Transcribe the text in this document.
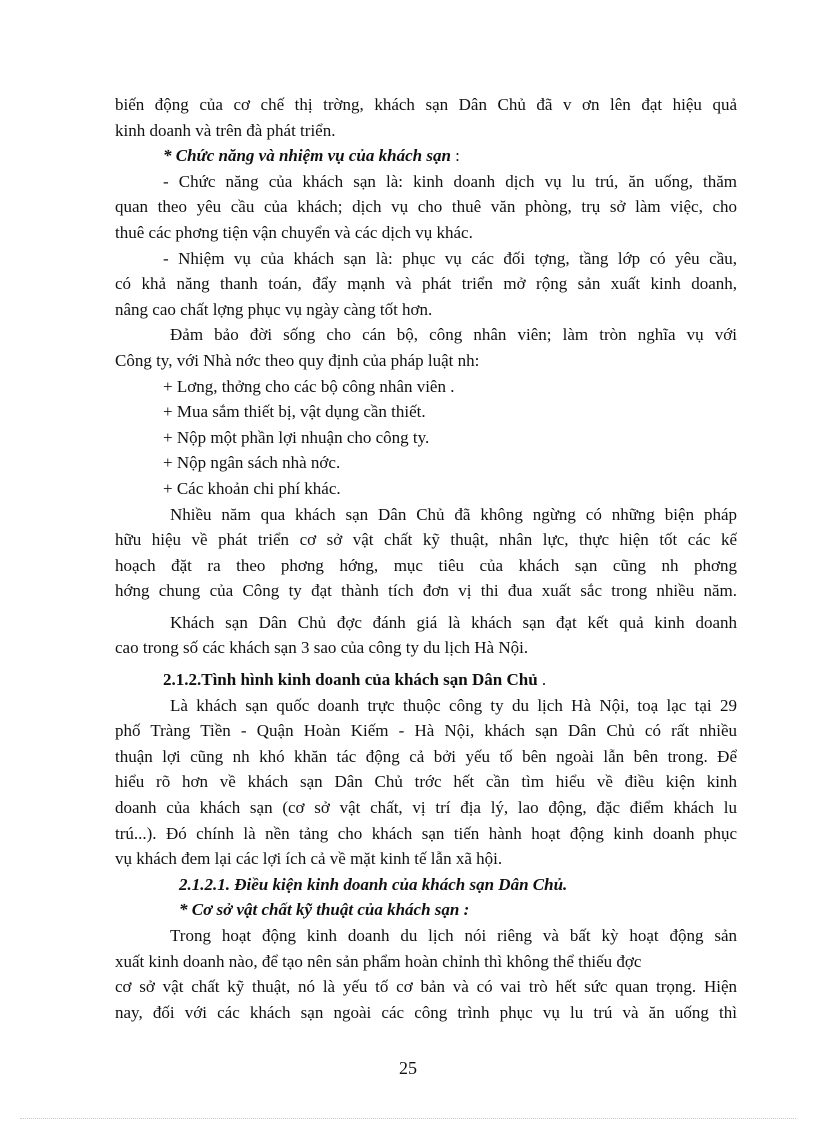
biến động của cơ chế thị trờng, khách sạn Dân Chủ đã v ơn lên đạt hiệu quả
kinh doanh và trên đà phát triển.
* Chức năng và nhiệm vụ của khách sạn :
- Chức năng của khách sạn là: kinh doanh dịch vụ lu trú, ăn uống, thăm
quan theo yêu cầu của khách; dịch vụ cho thuê văn phòng, trụ sở làm việc, cho
thuê các phơng tiện vận chuyển và các dịch vụ khác.
- Nhiệm vụ của khách sạn là: phục vụ các đối tợng, tầng lớp có yêu cầu,
có khả năng thanh toán, đẩy mạnh và phát triển mở rộng sản xuất kinh doanh,
nâng cao chất lợng phục vụ ngày càng tốt hơn.
Đảm bảo đời sống cho cán bộ, công nhân viên; làm tròn nghĩa vụ với
Công ty, với Nhà nớc theo quy định của pháp luật nh:
+ Lơng, thởng cho các bộ công nhân viên .
+ Mua sắm thiết bị, vật dụng cần thiết.
+ Nộp một phần lợi nhuận cho công ty.
+ Nộp ngân sách nhà nớc.
+ Các khoản chi phí khác.
Nhiều năm qua khách sạn Dân Chủ đã không ngừng có những biện pháp
hữu hiệu về phát triển cơ sở vật chất kỹ thuật, nhân lực, thực hiện tốt các kế
hoạch đặt ra theo phơng hớng, mục tiêu của khách sạn cũng nh phơng
hớng chung của Công ty đạt thành tích đơn vị thi đua xuất sắc trong nhiều năm.
Khách sạn Dân Chủ đợc đánh giá là khách sạn đạt kết quả kinh doanh
cao trong số các khách sạn 3 sao của công ty du lịch Hà Nội.
2.1.2.Tình hình kinh doanh của khách sạn Dân Chủ .
Là khách sạn quốc doanh trực thuộc công ty du lịch Hà Nội, toạ lạc tại 29
phố Tràng Tiền - Quận Hoàn Kiếm - Hà Nội, khách sạn Dân Chủ có rất nhiều
thuận lợi cũng nh khó khăn tác động cả bởi yếu tố bên ngoài lẫn bên trong. Để
hiểu rõ hơn về khách sạn Dân Chủ trớc hết cần tìm hiểu về điều kiện kinh
doanh của khách sạn (cơ sở vật chất, vị trí địa lý, lao động, đặc điểm khách lu
trú...). Đó chính là nền tảng cho khách sạn tiến hành hoạt động kinh doanh phục
vụ khách đem lại các lợi ích cả về mặt kinh tế lẫn xã hội.
2.1.2.1. Điều kiện kinh doanh của khách sạn Dân Chủ.
* Cơ sở vật chất kỹ thuật của khách sạn :
Trong hoạt động kinh doanh du lịch nói riêng và bất kỳ hoạt động sản
xuất kinh doanh nào, để tạo nên sản phẩm hoàn chỉnh thì không thể thiếu đợc
cơ sở vật chất kỹ thuật, nó là yếu tố cơ bản và có vai trò hết sức quan trọng. Hiện
nay, đối với các khách sạn ngoài các công trình phục vụ lu trú và ăn uống thì
25
